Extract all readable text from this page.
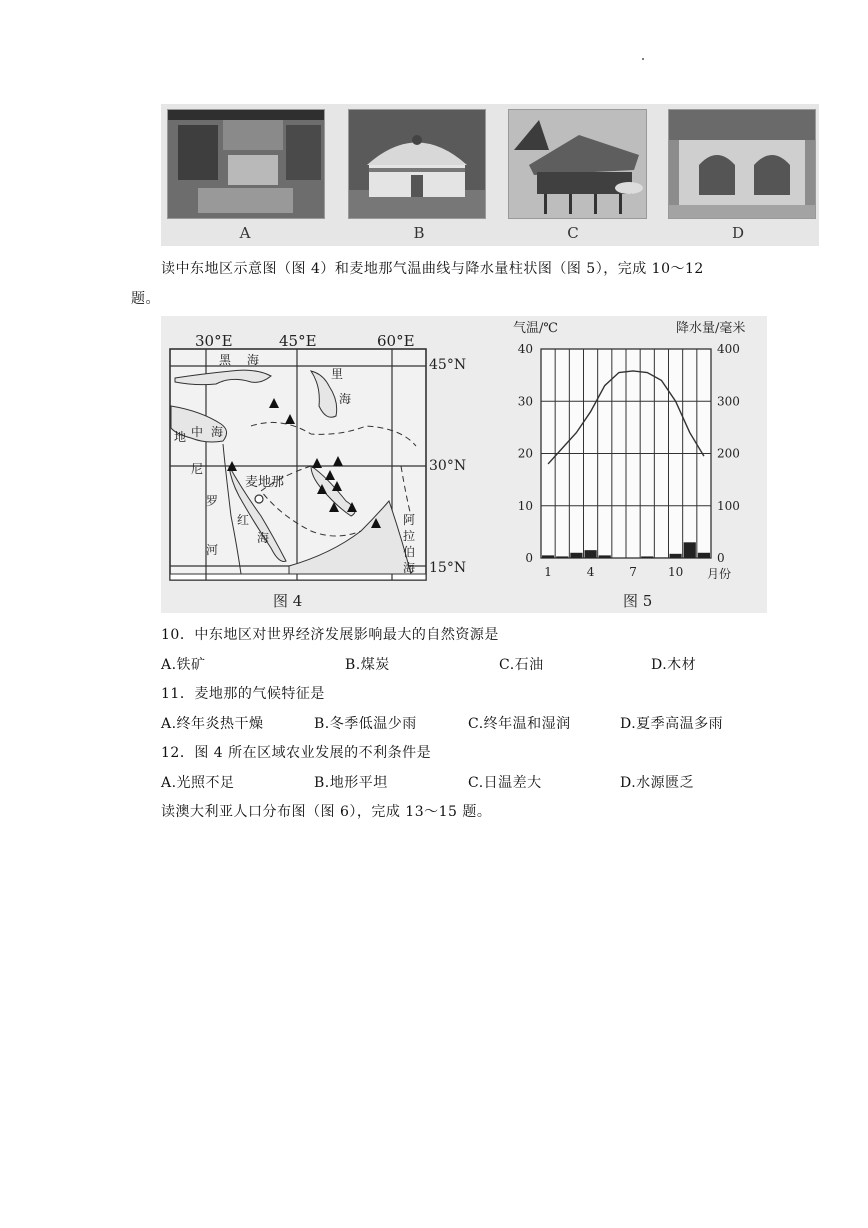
A	B	C	D
读中东地区示意图（图 4）和麦地那气温曲线与降水量柱状图（图 5），完成 10～12
题。
30°E	45°E	60°E
45°N
30°N
15°N
黑 海
里
海
地 中 海
尼
罗
河
红
海
麦地那
阿
拉
伯
海
图 4
气温/℃	降水量/毫米
月份
图 5
0
10
20
30
40
0
100
200
300
400
1	4	7	10
10．中东地区对世界经济发展影响最大的自然资源是
A.铁矿	B.煤炭	C.石油	D.木材
11．麦地那的气候特征是
A.终年炎热干燥	B.冬季低温少雨	C.终年温和湿润	D.夏季高温多雨
12．图 4 所在区域农业发展的不利条件是
A.光照不足	B.地形平坦	C.日温差大	D.水源匮乏
读澳大利亚人口分布图（图 6），完成 13～15 题。
